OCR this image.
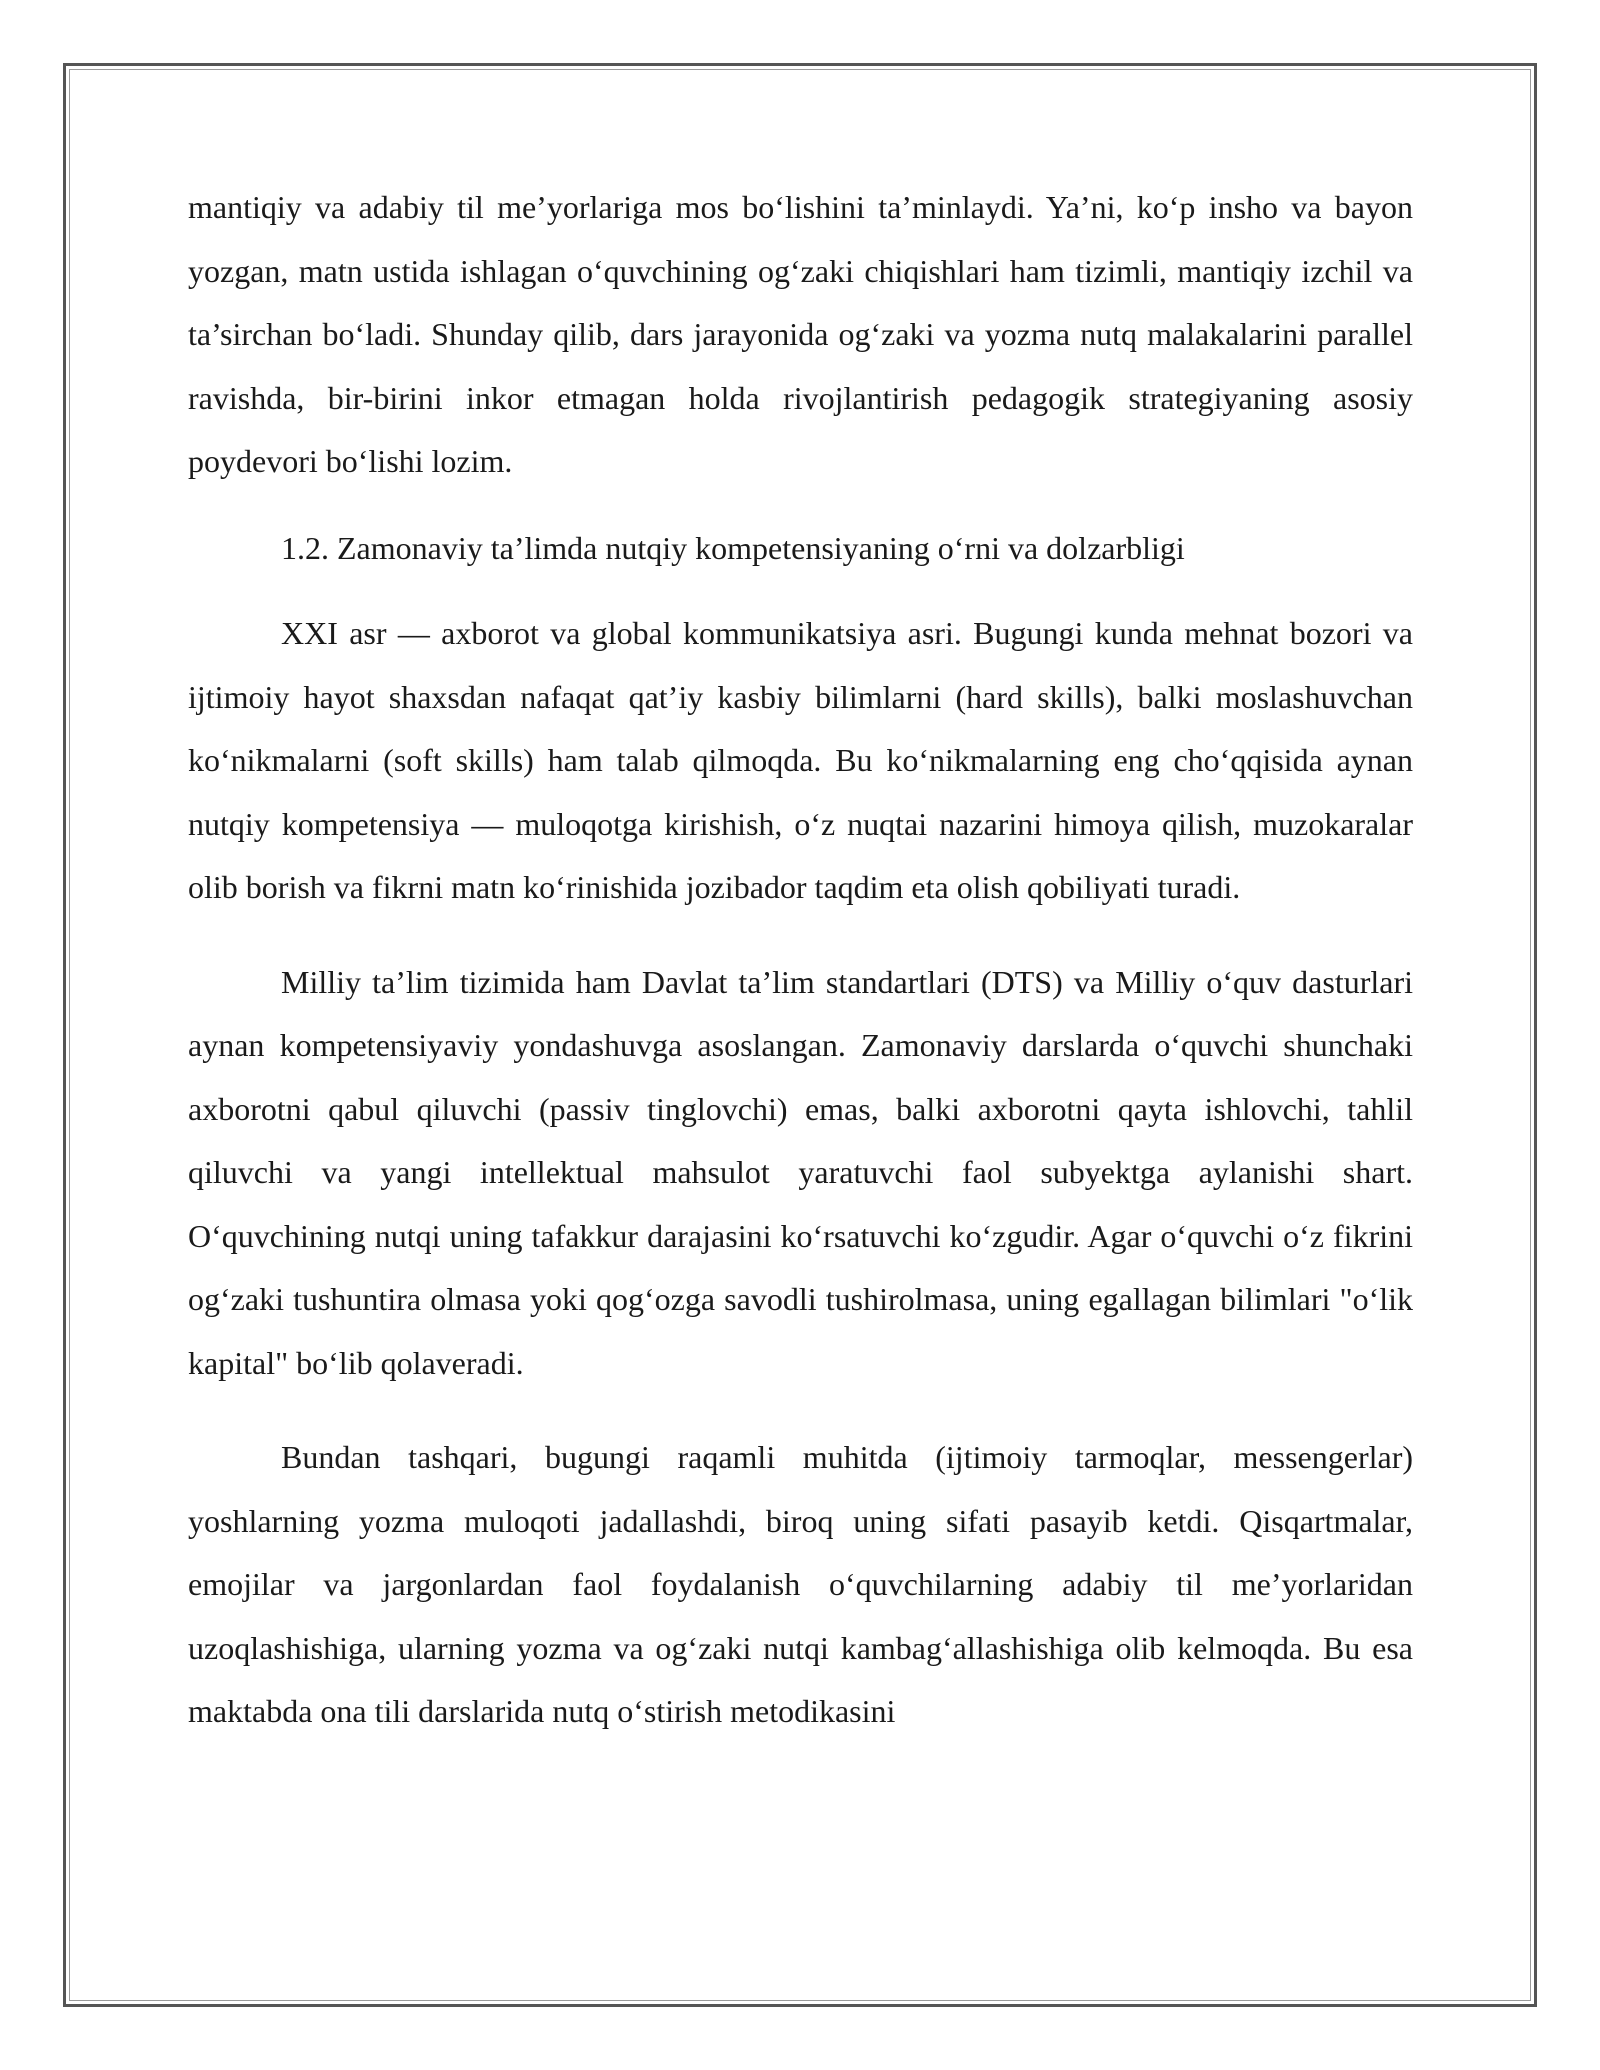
mantiqiy va adabiy til me’yorlariga mos bo‘lishini ta’minlaydi. Ya’ni, ko‘p insho va bayon yozgan, matn ustida ishlagan o‘quvchining og‘zaki chiqishlari ham tizimli, mantiqiy izchil va ta’sirchan bo‘ladi. Shunday qilib, dars jarayonida og‘zaki va yozma nutq malakalarini parallel ravishda, bir-birini inkor etmagan holda rivojlantirish pedagogik strategiyaning asosiy poydevori bo‘lishi lozim.

1.2. Zamonaviy ta’limda nutqiy kompetensiyaning o‘rni va dolzarbligi

XXI asr — axborot va global kommunikatsiya asri. Bugungi kunda mehnat bozori va ijtimoiy hayot shaxsdan nafaqat qat’iy kasbiy bilimlarni (hard skills), balki moslashuvchan ko‘nikmalarni (soft skills) ham talab qilmoqda. Bu ko‘nikmalarning eng cho‘qqisida aynan nutqiy kompetensiya — muloqotga kirishish, o‘z nuqtai nazarini himoya qilish, muzokaralar olib borish va fikrni matn ko‘rinishida jozibador taqdim eta olish qobiliyati turadi.

Milliy ta’lim tizimida ham Davlat ta’lim standartlari (DTS) va Milliy o‘quv dasturlari aynan kompetensiyaviy yondashuvga asoslangan. Zamonaviy darslarda o‘quvchi shunchaki axborotni qabul qiluvchi (passiv tinglovchi) emas, balki axborotni qayta ishlovchi, tahlil qiluvchi va yangi intellektual mahsulot yaratuvchi faol subyektga aylanishi shart. O‘quvchining nutqi uning tafakkur darajasini ko‘rsatuvchi ko‘zgudir. Agar o‘quvchi o‘z fikrini og‘zaki tushuntira olmasa yoki qog‘ozga savodli tushirolmasa, uning egallagan bilimlari "o‘lik kapital" bo‘lib qolaveradi.

Bundan tashqari, bugungi raqamli muhitda (ijtimoiy tarmoqlar, messengerlar) yoshlarning yozma muloqoti jadallashdi, biroq uning sifati pasayib ketdi. Qisqartmalar, emojilar va jargonlardan faol foydalanish o‘quvchilarning adabiy til me’yorlaridan uzoqlashishiga, ularning yozma va og‘zaki nutqi kambag‘allashishiga olib kelmoqda. Bu esa maktabda ona tili darslarida nutq o‘stirish metodikasini
